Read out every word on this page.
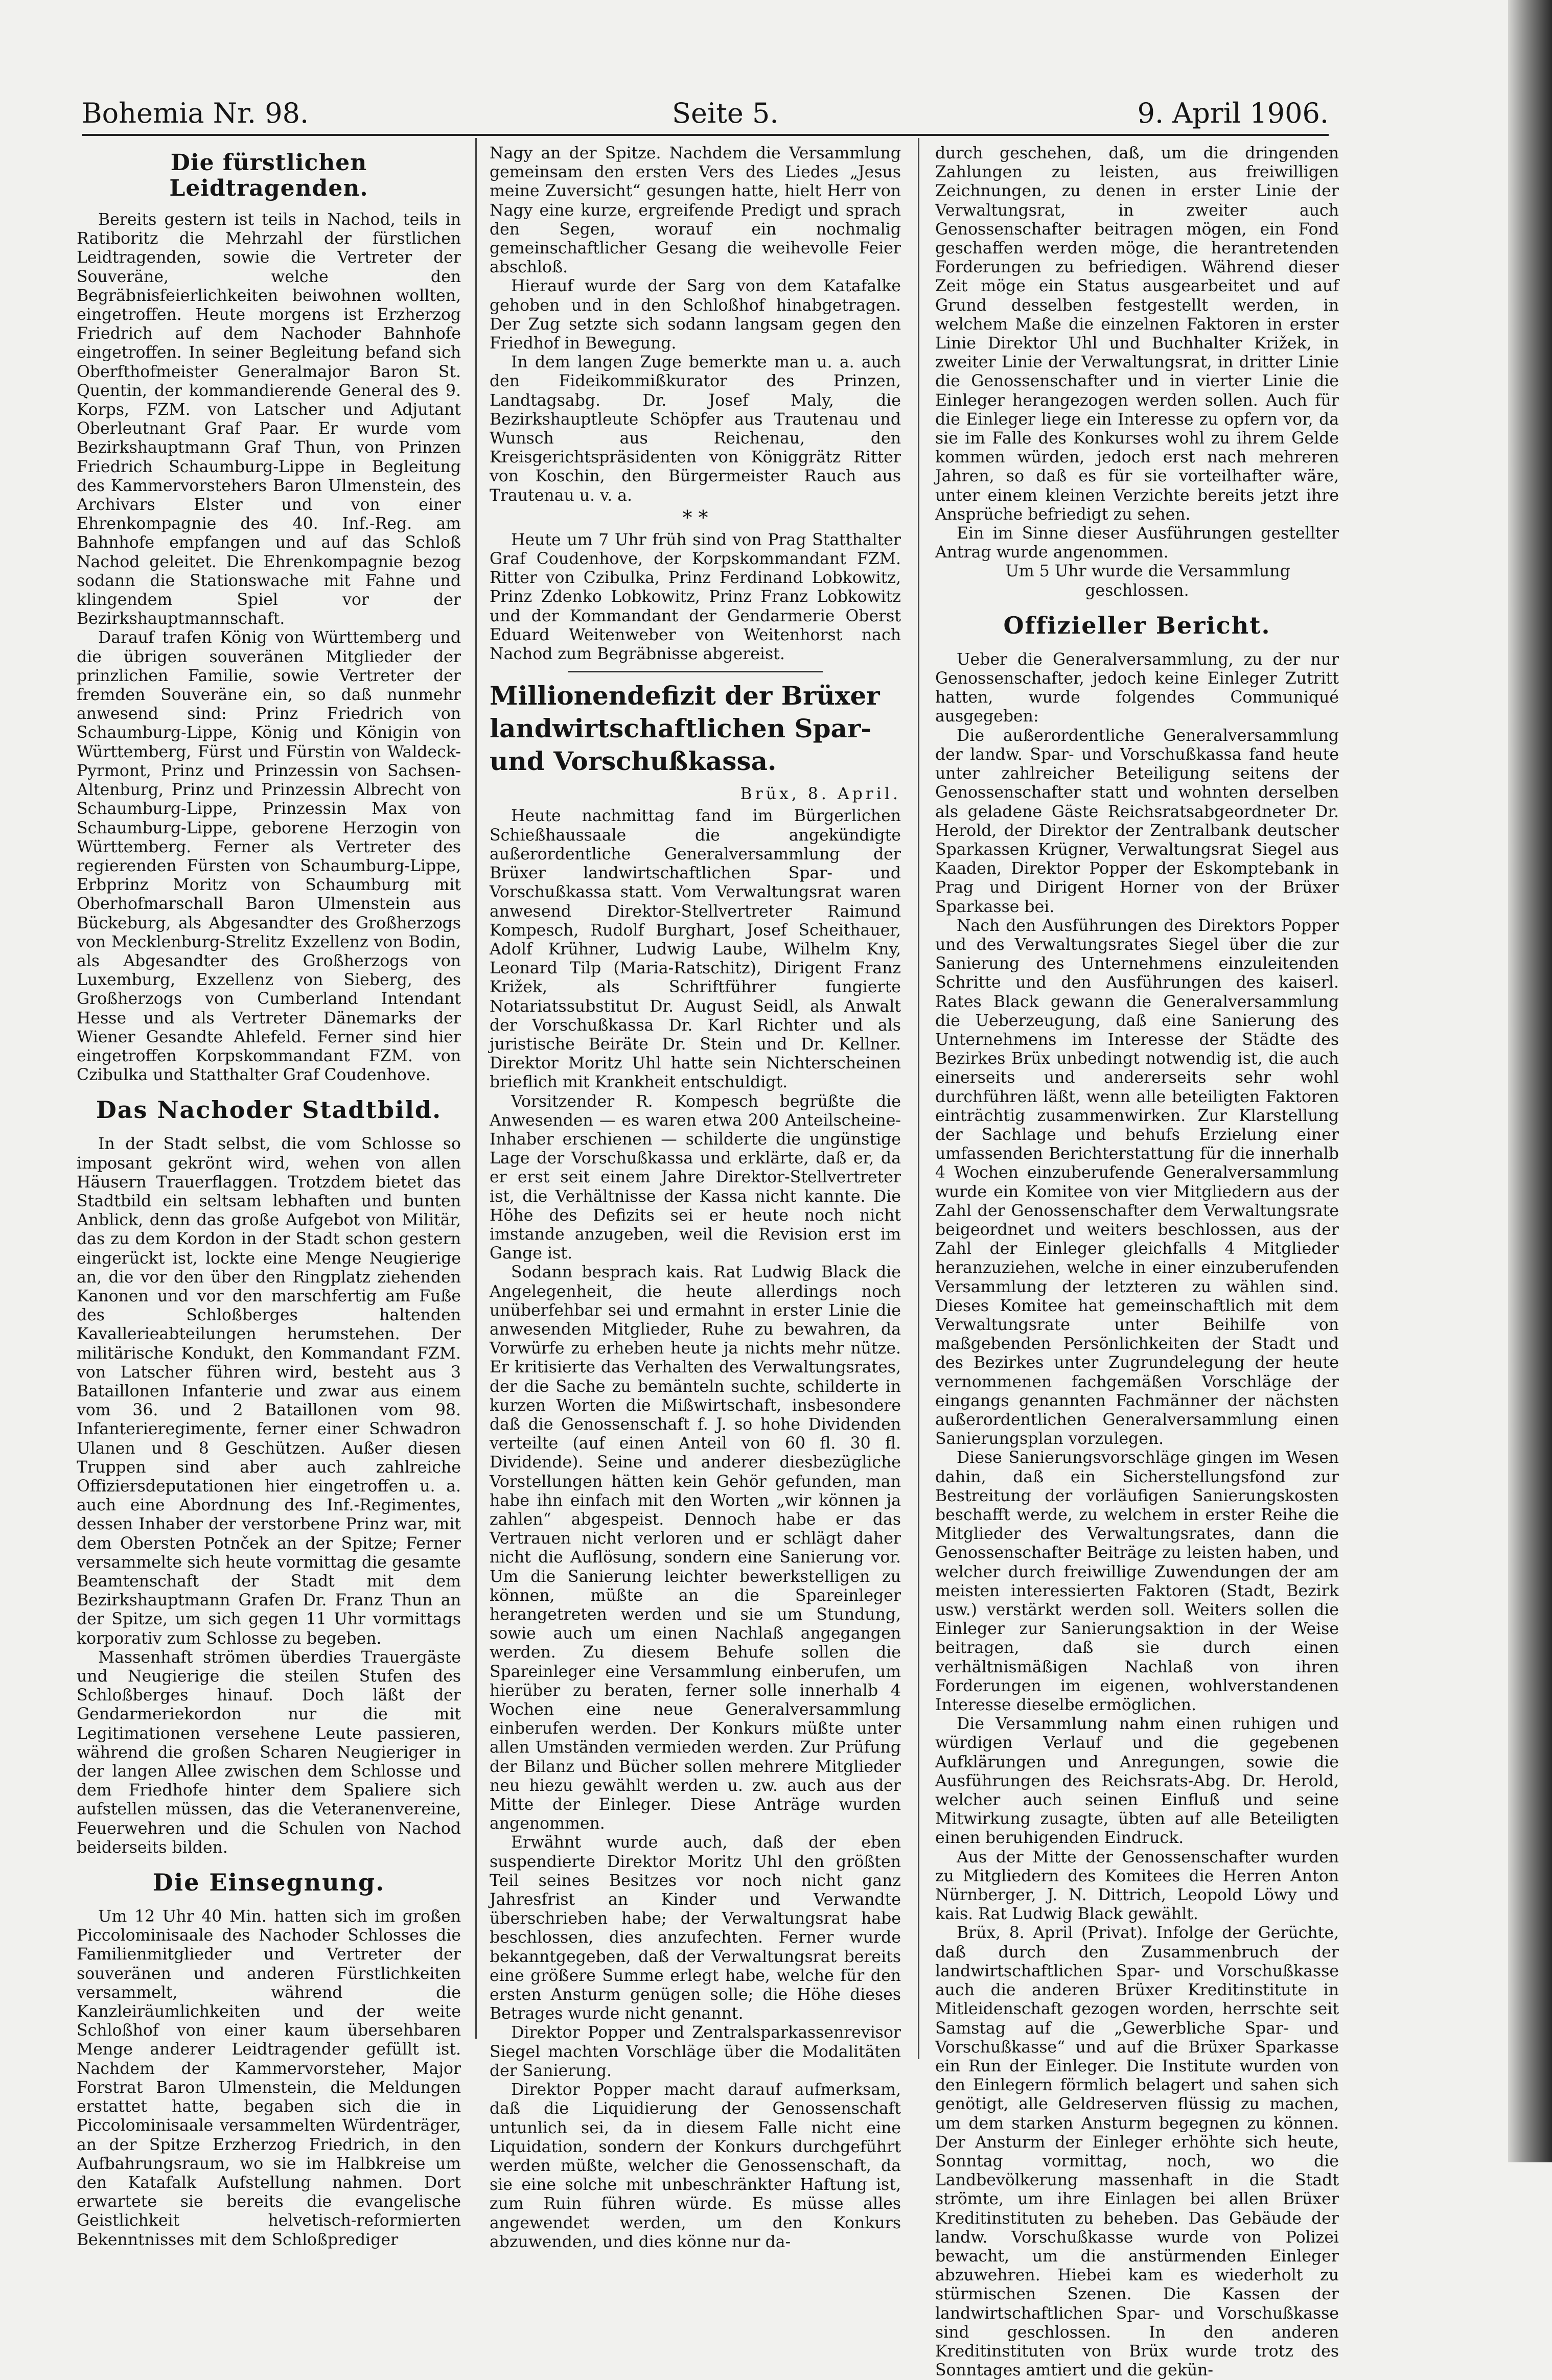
Bohemia Nr. 98.	Seite 5.	9. April 1906.
Die fürstlichen Leidtragenden.

Bereits gestern ist teils in Nachod, teils in Ratiboritz die Mehrzahl der fürstlichen Leidtragenden, sowie die Vertreter der Souveräne, welche den Begräbnisfeierlichkeiten beiwohnen wollten, eingetroffen. Heute morgens ist Erzherzog Friedrich auf dem Nachoder Bahnhofe eingetroffen. In seiner Begleitung befand sich Oberfthofmeister Generalmajor Baron St. Quentin, der kommandierende General des 9. Korps, FZM. von Latscher und Adjutant Oberleutnant Graf Paar. Er wurde vom Bezirkshauptmann Graf Thun, von Prinzen Friedrich Schaumburg-Lippe in Begleitung des Kammervorstehers Baron Ulmenstein, des Archivars Elster und von einer Ehrenkompagnie des 40. Inf.-Reg. am Bahnhofe empfangen und auf das Schloß Nachod geleitet. Die Ehrenkompagnie bezog sodann die Stationswache mit Fahne und klingendem Spiel vor der Bezirkshauptmannschaft.

Darauf trafen König von Württemberg und die übrigen souveränen Mitglieder der prinzlichen Familie, sowie Vertreter der fremden Souveräne ein, so daß nunmehr anwesend sind: Prinz Friedrich von Schaumburg-Lippe, König und Königin von Württemberg, Fürst und Fürstin von Waldeck-Pyrmont, Prinz und Prinzessin von Sachsen-Altenburg, Prinz und Prinzessin Albrecht von Schaumburg-Lippe, Prinzessin Max von Schaumburg-Lippe, geborene Herzogin von Württemberg. Ferner als Vertreter des regierenden Fürsten von Schaumburg-Lippe, Erbprinz Moritz von Schaumburg mit Oberhofmarschall Baron Ulmenstein aus Bückeburg, als Abgesandter des Großherzogs von Mecklenburg-Strelitz Exzellenz von Bodin, als Abgesandter des Großherzogs von Luxemburg, Exzellenz von Sieberg, des Großherzogs von Cumberland Intendant Hesse und als Vertreter Dänemarks der Wiener Gesandte Ahlefeld. Ferner sind hier eingetroffen Korpskommandant FZM. von Czibulka und Statthalter Graf Coudenhove.

Das Nachoder Stadtbild.

In der Stadt selbst, die vom Schlosse so imposant gekrönt wird, wehen von allen Häusern Trauerflaggen. Trotzdem bietet das Stadtbild ein seltsam lebhaften und bunten Anblick, denn das große Aufgebot von Militär, das zu dem Kordon in der Stadt schon gestern eingerückt ist, lockte eine Menge Neugierige an, die vor den über den Ringplatz ziehenden Kanonen und vor den marschfertig am Fuße des Schloßberges haltenden Kavallerieabteilungen herumstehen. Der militärische Kondukt, den Kommandant FZM. von Latscher führen wird, besteht aus 3 Bataillonen Infanterie und zwar aus einem vom 36. und 2 Bataillonen vom 98. Infanterieregimente, ferner einer Schwadron Ulanen und 8 Geschützen. Außer diesen Truppen sind aber auch zahlreiche Offiziersdeputationen hier eingetroffen u. a. auch eine Abordnung des Inf.-Regimentes, dessen Inhaber der verstorbene Prinz war, mit dem Obersten Potnček an der Spitze; Ferner versammelte sich heute vormittag die gesamte Beamtenschaft der Stadt mit dem Bezirkshauptmann Grafen Dr. Franz Thun an der Spitze, um sich gegen 11 Uhr vormittags korporativ zum Schlosse zu begeben.

Massenhaft strömen überdies Trauergäste und Neugierige die steilen Stufen des Schloßberges hinauf. Doch läßt der Gendarmeriekordon nur die mit Legitimationen versehene Leute passieren, während die großen Scharen Neugieriger in der langen Allee zwischen dem Schlosse und dem Friedhofe hinter dem Spaliere sich aufstellen müssen, das die Veteranenvereine, Feuerwehren und die Schulen von Nachod beiderseits bilden.

Die Einsegnung.

Um 12 Uhr 40 Min. hatten sich im großen Piccolominisaale des Nachoder Schlosses die Familienmitglieder und Vertreter der souveränen und anderen Fürstlichkeiten versammelt, während die Kanzleiräumlichkeiten und der weite Schloßhof von einer kaum übersehbaren Menge anderer Leidtragender gefüllt ist. Nachdem der Kammervorsteher, Major Forstrat Baron Ulmenstein, die Meldungen erstattet hatte, begaben sich die in Piccolominisaale versammelten Würdenträger, an der Spitze Erzherzog Friedrich, in den Aufbahrungsraum, wo sie im Halbkreise um den Katafalk Aufstellung nahmen. Dort erwartete sie bereits die evangelische Geistlichkeit helvetisch-reformierten Bekenntnisses mit dem Schloßprediger

Nagy an der Spitze. Nachdem die Versammlung gemeinsam den ersten Vers des Liedes „Jesus meine Zuversicht“ gesungen hatte, hielt Herr von Nagy eine kurze, ergreifende Predigt und sprach den Segen, worauf ein nochmalig gemeinschaftlicher Gesang die weihevolle Feier abschloß.

Hierauf wurde der Sarg von dem Katafalke gehoben und in den Schloßhof hinabgetragen. Der Zug setzte sich sodann langsam gegen den Friedhof in Bewegung.

In dem langen Zuge bemerkte man u. a. auch den Fideikommißkurator des Prinzen, Landtagsabg. Dr. Josef Maly, die Bezirkshauptleute Schöpfer aus Trautenau und Wunsch aus Reichenau, den Kreisgerichtspräsidenten von Königgrätz Ritter von Koschin, den Bürgermeister Rauch aus Trautenau u. v. a.

* *

Heute um 7 Uhr früh sind von Prag Statthalter Graf Coudenhove, der Korpskommandant FZM. Ritter von Czibulka, Prinz Ferdinand Lobkowitz, Prinz Zdenko Lobkowitz, Prinz Franz Lobkowitz und der Kommandant der Gendarmerie Oberst Eduard Weitenweber von Weitenhorst nach Nachod zum Begräbnisse abgereist.

Millionendefizit der Brüxer landwirtschaftlichen Spar- und Vorschußkassa.
Brüx, 8. April.

Heute nachmittag fand im Bürgerlichen Schießhaussaale die angekündigte außerordentliche Generalversammlung der Brüxer landwirtschaftlichen Spar- und Vorschußkassa statt. Vom Verwaltungsrat waren anwesend Direktor-Stellvertreter Raimund Kompesch, Rudolf Burghart, Josef Scheithauer, Adolf Krühner, Ludwig Laube, Wilhelm Kny, Leonard Tilp (Maria-Ratschitz), Dirigent Franz Križek, als Schriftführer fungierte Notariatssubstitut Dr. August Seidl, als Anwalt der Vorschußkassa Dr. Karl Richter und als juristische Beiräte Dr. Stein und Dr. Kellner. Direktor Moritz Uhl hatte sein Nichterscheinen brieflich mit Krankheit entschuldigt.

Vorsitzender R. Kompesch begrüßte die Anwesenden — es waren etwa 200 Anteilscheine-Inhaber erschienen — schilderte die ungünstige Lage der Vorschußkassa und erklärte, daß er, da er erst seit einem Jahre Direktor-Stellvertreter ist, die Verhältnisse der Kassa nicht kannte. Die Höhe des Defizits sei er heute noch nicht imstande anzugeben, weil die Revision erst im Gange ist.

Sodann besprach kais. Rat Ludwig Black die Angelegenheit, die heute allerdings noch unüberfehbar sei und ermahnt in erster Linie die anwesenden Mitglieder, Ruhe zu bewahren, da Vorwürfe zu erheben heute ja nichts mehr nütze. Er kritisierte das Verhalten des Verwaltungsrates, der die Sache zu bemänteln suchte, schilderte in kurzen Worten die Mißwirtschaft, insbesondere daß die Genossenschaft f. J. so hohe Dividenden verteilte (auf einen Anteil von 60 fl. 30 fl. Dividende). Seine und anderer diesbezügliche Vorstellungen hätten kein Gehör gefunden, man habe ihn einfach mit den Worten „wir können ja zahlen“ abgespeist. Dennoch habe er das Vertrauen nicht verloren und er schlägt daher nicht die Auflösung, sondern eine Sanierung vor. Um die Sanierung leichter bewerkstelligen zu können, müßte an die Spareinleger herangetreten werden und sie um Stundung, sowie auch um einen Nachlaß angegangen werden. Zu diesem Behufe sollen die Spareinleger eine Versammlung einberufen, um hierüber zu beraten, ferner solle innerhalb 4 Wochen eine neue Generalversammlung einberufen werden. Der Konkurs müßte unter allen Umständen vermieden werden. Zur Prüfung der Bilanz und Bücher sollen mehrere Mitglieder neu hiezu gewählt werden u. zw. auch aus der Mitte der Einleger. Diese Anträge wurden angenommen.

Erwähnt wurde auch, daß der eben suspendierte Direktor Moritz Uhl den größten Teil seines Besitzes vor noch nicht ganz Jahresfrist an Kinder und Verwandte überschrieben habe; der Verwaltungsrat habe beschlossen, dies anzufechten. Ferner wurde bekanntgegeben, daß der Verwaltungsrat bereits eine größere Summe erlegt habe, welche für den ersten Ansturm genügen solle; die Höhe dieses Betrages wurde nicht genannt.

Direktor Popper und Zentralsparkassenrevisor Siegel machten Vorschläge über die Modalitäten der Sanierung.

Direktor Popper macht darauf aufmerksam, daß die Liquidierung der Genossenschaft untunlich sei, da in diesem Falle nicht eine Liquidation, sondern der Konkurs durchgeführt werden müßte, welcher die Genossenschaft, da sie eine solche mit unbeschränkter Haftung ist, zum Ruin führen würde. Es müsse alles angewendet werden, um den Konkurs abzuwenden, und dies könne nur da-

durch geschehen, daß, um die dringenden Zahlungen zu leisten, aus freiwilligen Zeichnungen, zu denen in erster Linie der Verwaltungsrat, in zweiter auch Genossenschafter beitragen mögen, ein Fond geschaffen werden möge, die herantretenden Forderungen zu befriedigen. Während dieser Zeit möge ein Status ausgearbeitet und auf Grund desselben festgestellt werden, in welchem Maße die einzelnen Faktoren in erster Linie Direktor Uhl und Buchhalter Križek, in zweiter Linie der Verwaltungsrat, in dritter Linie die Genossenschafter und in vierter Linie die Einleger herangezogen werden sollen. Auch für die Einleger liege ein Interesse zu opfern vor, da sie im Falle des Konkurses wohl zu ihrem Gelde kommen würden, jedoch erst nach mehreren Jahren, so daß es für sie vorteilhafter wäre, unter einem kleinen Verzichte bereits jetzt ihre Ansprüche befriedigt zu sehen.

Ein im Sinne dieser Ausführungen gestellter Antrag wurde angenommen.

Um 5 Uhr wurde die Versammlung geschlossen.

Offizieller Bericht.

Ueber die Generalversammlung, zu der nur Genossenschafter, jedoch keine Einleger Zutritt hatten, wurde folgendes Communiqué ausgegeben:

Die außerordentliche Generalversammlung der landw. Spar- und Vorschußkassa fand heute unter zahlreicher Beteiligung seitens der Genossenschafter statt und wohnten derselben als geladene Gäste Reichsratsabgeordneter Dr. Herold, der Direktor der Zentralbank deutscher Sparkassen Krügner, Verwaltungsrat Siegel aus Kaaden, Direktor Popper der Eskomptebank in Prag und Dirigent Horner von der Brüxer Sparkasse bei.

Nach den Ausführungen des Direktors Popper und des Verwaltungsrates Siegel über die zur Sanierung des Unternehmens einzuleitenden Schritte und den Ausführungen des kaiserl. Rates Black gewann die Generalversammlung die Ueberzeugung, daß eine Sanierung des Unternehmens im Interesse der Städte des Bezirkes Brüx unbedingt notwendig ist, die auch einerseits und andererseits sehr wohl durchführen läßt, wenn alle beteiligten Faktoren einträchtig zusammenwirken. Zur Klarstellung der Sachlage und behufs Erzielung einer umfassenden Berichterstattung für die innerhalb 4 Wochen einzuberufende Generalversammlung wurde ein Komitee von vier Mitgliedern aus der Zahl der Genossenschafter dem Verwaltungsrate beigeordnet und weiters beschlossen, aus der Zahl der Einleger gleichfalls 4 Mitglieder heranzuziehen, welche in einer einzuberufenden Versammlung der letzteren zu wählen sind. Dieses Komitee hat gemeinschaftlich mit dem Verwaltungsrate unter Beihilfe von maßgebenden Persönlichkeiten der Stadt und des Bezirkes unter Zugrundelegung der heute vernommenen fachgemäßen Vorschläge der eingangs genannten Fachmänner der nächsten außerordentlichen Generalversammlung einen Sanierungsplan vorzulegen.

Diese Sanierungsvorschläge gingen im Wesen dahin, daß ein Sicherstellungsfond zur Bestreitung der vorläufigen Sanierungskosten beschafft werde, zu welchem in erster Reihe die Mitglieder des Verwaltungsrates, dann die Genossenschafter Beiträge zu leisten haben, und welcher durch freiwillige Zuwendungen der am meisten interessierten Faktoren (Stadt, Bezirk usw.) verstärkt werden soll. Weiters sollen die Einleger zur Sanierungsaktion in der Weise beitragen, daß sie durch einen verhältnismäßigen Nachlaß von ihren Forderungen im eigenen, wohlverstandenen Interesse dieselbe ermöglichen.

Die Versammlung nahm einen ruhigen und würdigen Verlauf und die gegebenen Aufklärungen und Anregungen, sowie die Ausführungen des Reichsrats-Abg. Dr. Herold, welcher auch seinen Einfluß und seine Mitwirkung zusagte, übten auf alle Beteiligten einen beruhigenden Eindruck.

Aus der Mitte der Genossenschafter wurden zu Mitgliedern des Komitees die Herren Anton Nürnberger, J. N. Dittrich, Leopold Löwy und kais. Rat Ludwig Black gewählt.

Brüx, 8. April (Privat). Infolge der Gerüchte, daß durch den Zusammenbruch der landwirtschaftlichen Spar- und Vorschußkasse auch die anderen Brüxer Kreditinstitute in Mitleidenschaft gezogen worden, herrschte seit Samstag auf die „Gewerbliche Spar- und Vorschußkasse“ und auf die Brüxer Sparkasse ein Run der Einleger. Die Institute wurden von den Einlegern förmlich belagert und sahen sich genötigt, alle Geldreserven flüssig zu machen, um dem starken Ansturm begegnen zu können. Der Ansturm der Einleger erhöhte sich heute, Sonntag vormittag, noch, wo die Landbevölkerung massenhaft in die Stadt strömte, um ihre Einlagen bei allen Brüxer Kreditinstituten zu beheben. Das Gebäude der landw. Vorschußkasse wurde von Polizei bewacht, um die anstürmenden Einleger abzuwehren. Hiebei kam es wiederholt zu stürmischen Szenen. Die Kassen der landwirtschaftlichen Spar- und Vorschußkasse sind geschlossen. In den anderen Kreditinstituten von Brüx wurde trotz des Sonntages amtiert und die gekün-
